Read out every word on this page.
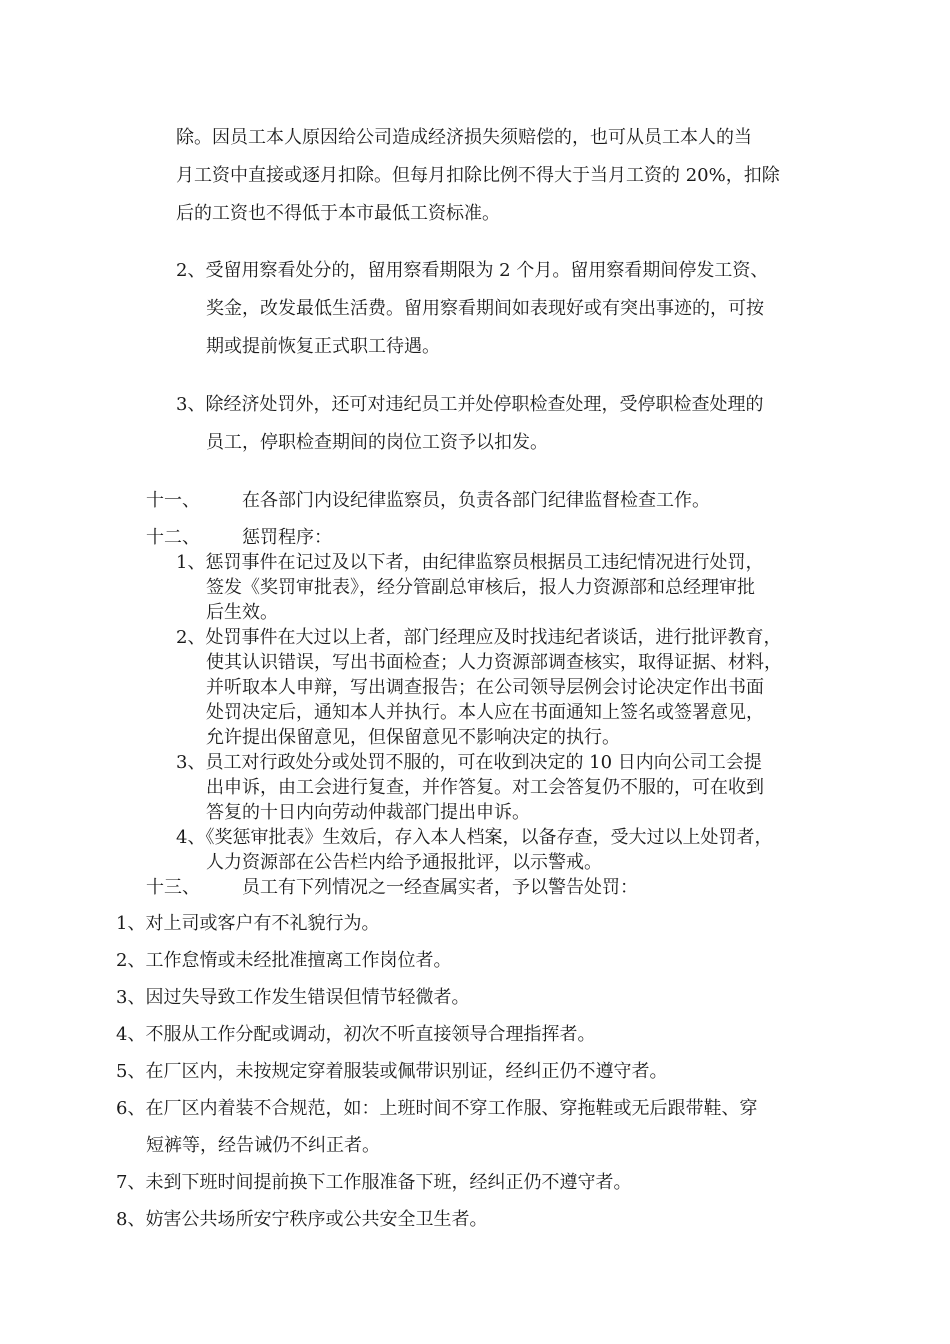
除。因员工本人原因给公司造成经济损失须赔偿的，也可从员工本人的当
月工资中直接或逐月扣除。但每月扣除比例不得大于当月工资的 20%，扣除
后的工资也不得低于本市最低工资标准。
2、受留用察看处分的，留用察看期限为 2 个月。留用察看期间停发工资、
奖金，改发最低生活费。留用察看期间如表现好或有突出事迹的，可按
期或提前恢复正式职工待遇。
3、除经济处罚外，还可对违纪员工并处停职检查处理，受停职检查处理的
员工，停职检查期间的岗位工资予以扣发。
十一、 在各部门内设纪律监察员，负责各部门纪律监督检查工作。
十二、 惩罚程序：
1、惩罚事件在记过及以下者，由纪律监察员根据员工违纪情况进行处罚，
签发《奖罚审批表》，经分管副总审核后，报人力资源部和总经理审批
后生效。
2、处罚事件在大过以上者，部门经理应及时找违纪者谈话，进行批评教育，
使其认识错误，写出书面检查；人力资源部调查核实，取得证据、材料，
并听取本人申辩，写出调查报告；在公司领导层例会讨论决定作出书面
处罚决定后，通知本人并执行。本人应在书面通知上签名或签署意见，
允许提出保留意见，但保留意见不影响决定的执行。
3、员工对行政处分或处罚不服的，可在收到决定的 10 日内向公司工会提
出申诉，由工会进行复查，并作答复。对工会答复仍不服的，可在收到
答复的十日内向劳动仲裁部门提出申诉。
4、《奖惩审批表》生效后，存入本人档案，以备存查，受大过以上处罚者，
人力资源部在公告栏内给予通报批评，以示警戒。
十三、 员工有下列情况之一经查属实者，予以警告处罚：
1、对上司或客户有不礼貌行为。
2、工作怠惰或未经批准擅离工作岗位者。
3、因过失导致工作发生错误但情节轻微者。
4、不服从工作分配或调动，初次不听直接领导合理指挥者。
5、在厂区内，未按规定穿着服装或佩带识别证，经纠正仍不遵守者。
6、在厂区内着装不合规范，如：上班时间不穿工作服、穿拖鞋或无后跟带鞋、穿
短裤等，经告诫仍不纠正者。
7、未到下班时间提前换下工作服准备下班，经纠正仍不遵守者。
8、妨害公共场所安宁秩序或公共安全卫生者。
